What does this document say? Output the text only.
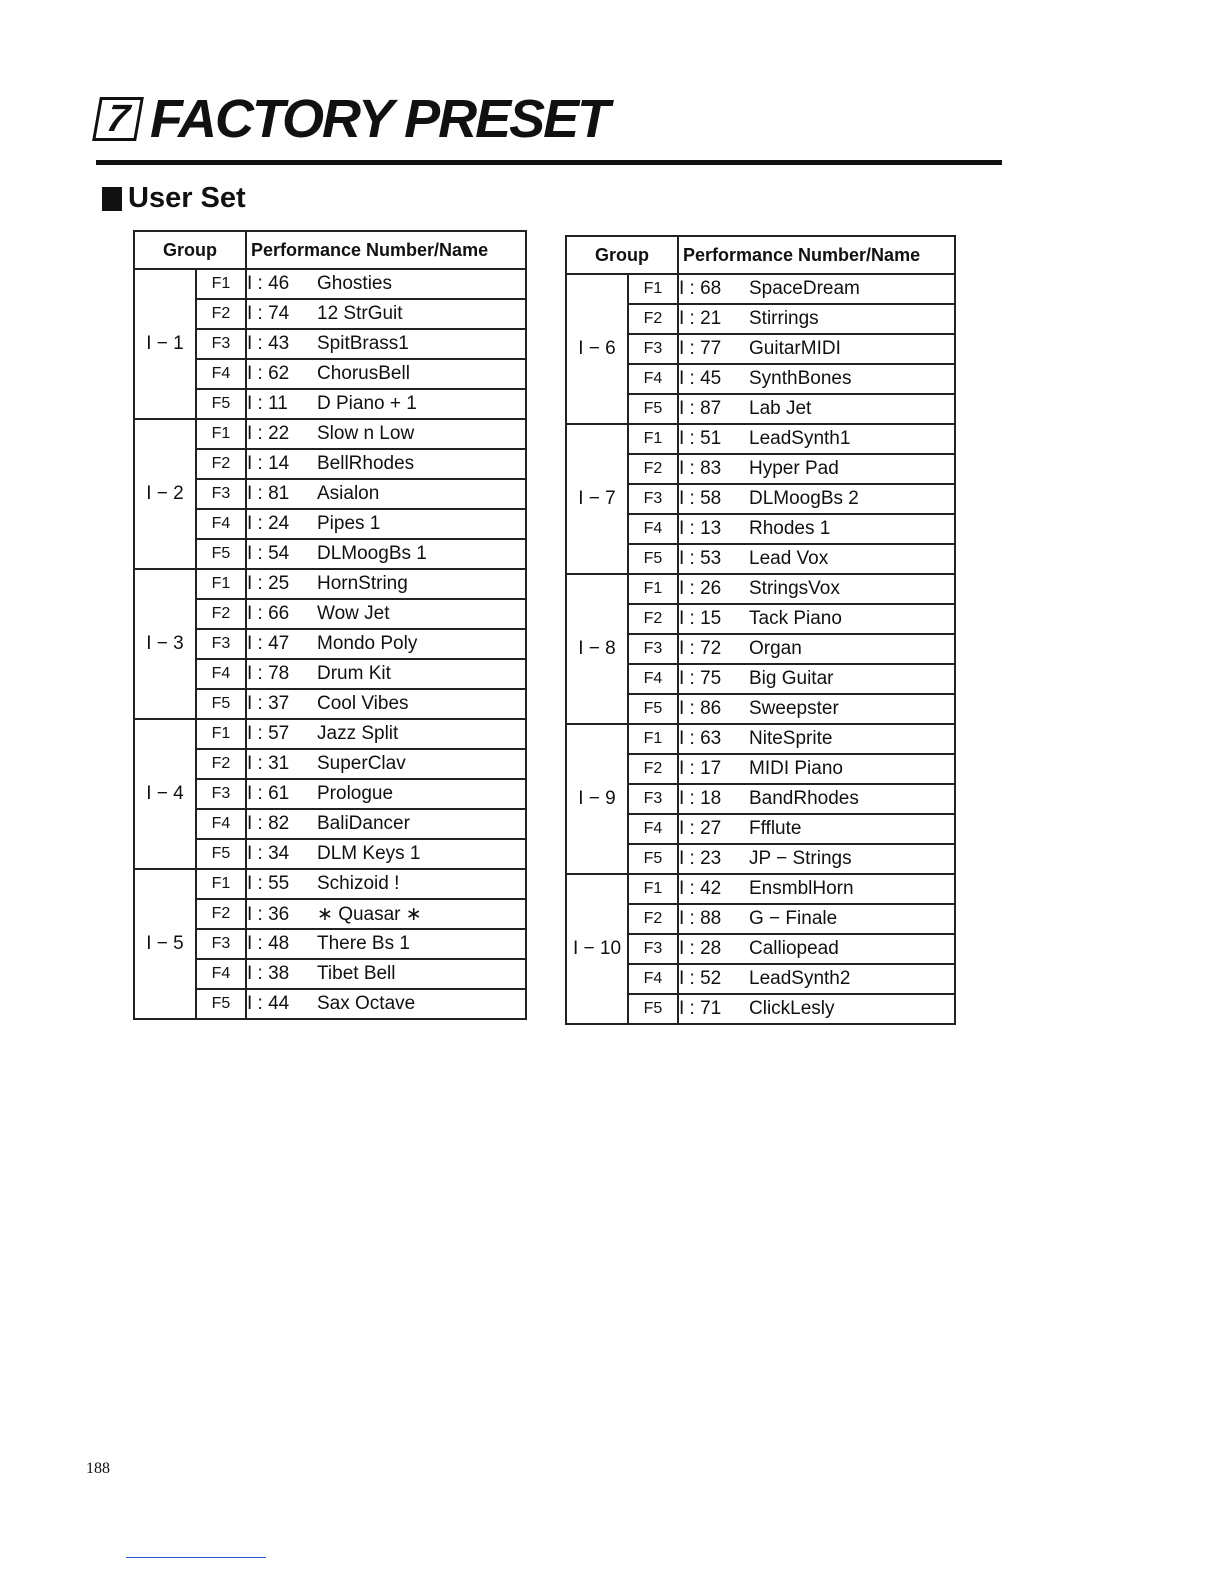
7 FACTORY PRESET
User Set
Group		Performance Number/Name
I − 1	F1	I : 46 Ghosties
	F2	I : 74 12 StrGuit
	F3	I : 43 SpitBrass1
	F4	I : 62 ChorusBell
	F5	I : 11 D Piano + 1
I − 2	F1	I : 22 Slow n Low
	F2	I : 14 BellRhodes
	F3	I : 81 Asialon
	F4	I : 24 Pipes 1
	F5	I : 54 DLMoogBs 1
I − 3	F1	I : 25 HornString
	F2	I : 66 Wow Jet
	F3	I : 47 Mondo Poly
	F4	I : 78 Drum Kit
	F5	I : 37 Cool Vibes
I − 4	F1	I : 57 Jazz Split
	F2	I : 31 SuperClav
	F3	I : 61 Prologue
	F4	I : 82 BaliDancer
	F5	I : 34 DLM Keys 1
I − 5	F1	I : 55 Schizoid !
	F2	I : 36 ∗ Quasar ∗
	F3	I : 48 There Bs 1
	F4	I : 38 Tibet Bell
	F5	I : 44 Sax Octave
Group		Performance Number/Name
I − 6	F1	I : 68 SpaceDream
	F2	I : 21 Stirrings
	F3	I : 77 GuitarMIDI
	F4	I : 45 SynthBones
	F5	I : 87 Lab Jet
I − 7	F1	I : 51 LeadSynth1
	F2	I : 83 Hyper Pad
	F3	I : 58 DLMoogBs 2
	F4	I : 13 Rhodes 1
	F5	I : 53 Lead Vox
I − 8	F1	I : 26 StringsVox
	F2	I : 15 Tack Piano
	F3	I : 72 Organ
	F4	I : 75 Big Guitar
	F5	I : 86 Sweepster
I − 9	F1	I : 63 NiteSprite
	F2	I : 17 MIDI Piano
	F3	I : 18 BandRhodes
	F4	I : 27 Ffflute
	F5	I : 23 JP − Strings
I − 10	F1	I : 42 EnsmblHorn
	F2	I : 88 G − Finale
	F3	I : 28 Calliopead
	F4	I : 52 LeadSynth2
	F5	I : 71 ClickLesly
188
